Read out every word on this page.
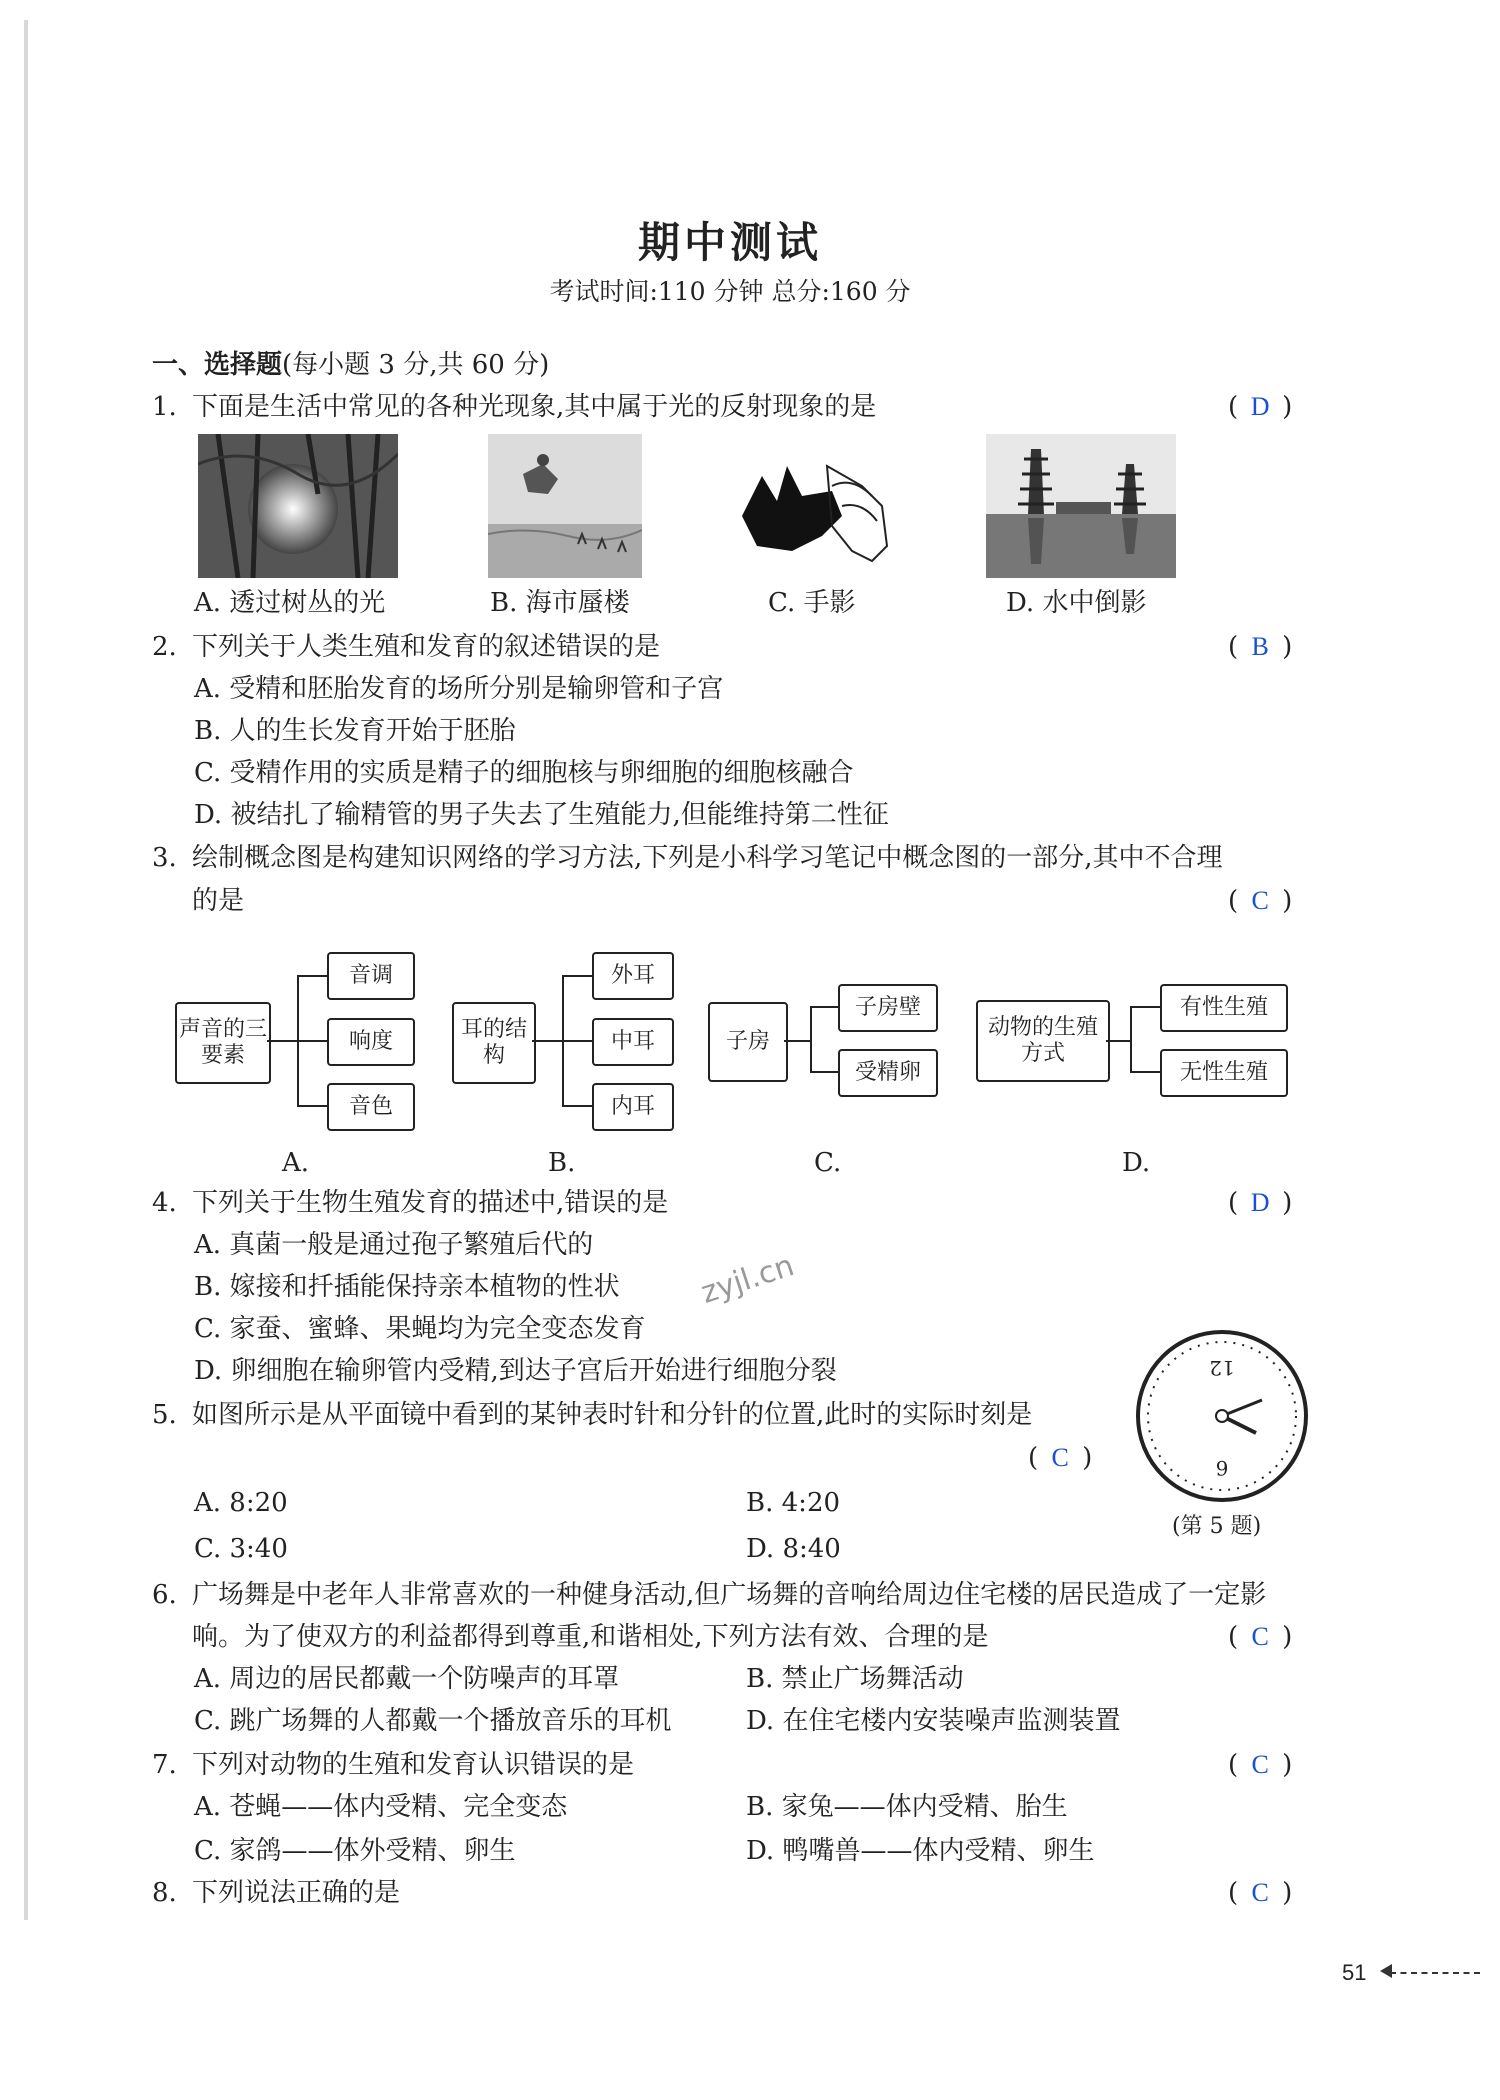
期中测试
考试时间:110 分钟 总分:160 分
一、选择题(每小题 3 分,共 60 分)
1. 下面是生活中常见的各种光现象,其中属于光的反射现象的是	( D )
A. 透过树丛的光	B. 海市蜃楼	C. 手影	D. 水中倒影
2. 下列关于人类生殖和发育的叙述错误的是	( B )
A. 受精和胚胎发育的场所分别是输卵管和子宫
B. 人的生长发育开始于胚胎
C. 受精作用的实质是精子的细胞核与卵细胞的细胞核融合
D. 被结扎了输精管的男子失去了生殖能力,但能维持第二性征
3. 绘制概念图是构建知识网络的学习方法,下列是小科学习笔记中概念图的一部分,其中不合理
的是	( C )
声音的三要素
音调
响度
音色
A.
耳的结构
外耳
中耳
内耳
B.
子房
子房壁
受精卵
C.
动物的生殖方式
有性生殖
无性生殖
D.
4. 下列关于生物生殖发育的描述中,错误的是	( D )
A. 真菌一般是通过孢子繁殖后代的
B. 嫁接和扦插能保持亲本植物的性状
C. 家蚕、蜜蜂、果蝇均为完全变态发育
D. 卵细胞在输卵管内受精,到达子宫后开始进行细胞分裂
zyjl.cn
12
6
(第 5 题)
5. 如图所示是从平面镜中看到的某钟表时针和分针的位置,此时的实际时刻是
( C )
A. 8:20	B. 4:20
C. 3:40	D. 8:40
6. 广场舞是中老年人非常喜欢的一种健身活动,但广场舞的音响给周边住宅楼的居民造成了一定影
响。为了使双方的利益都得到尊重,和谐相处,下列方法有效、合理的是	( C )
A. 周边的居民都戴一个防噪声的耳罩	B. 禁止广场舞活动
C. 跳广场舞的人都戴一个播放音乐的耳机	D. 在住宅楼内安装噪声监测装置
7. 下列对动物的生殖和发育认识错误的是	( C )
A. 苍蝇——体内受精、完全变态	B. 家兔——体内受精、胎生
C. 家鸽——体外受精、卵生	D. 鸭嘴兽——体内受精、卵生
8. 下列说法正确的是	( C )
51
